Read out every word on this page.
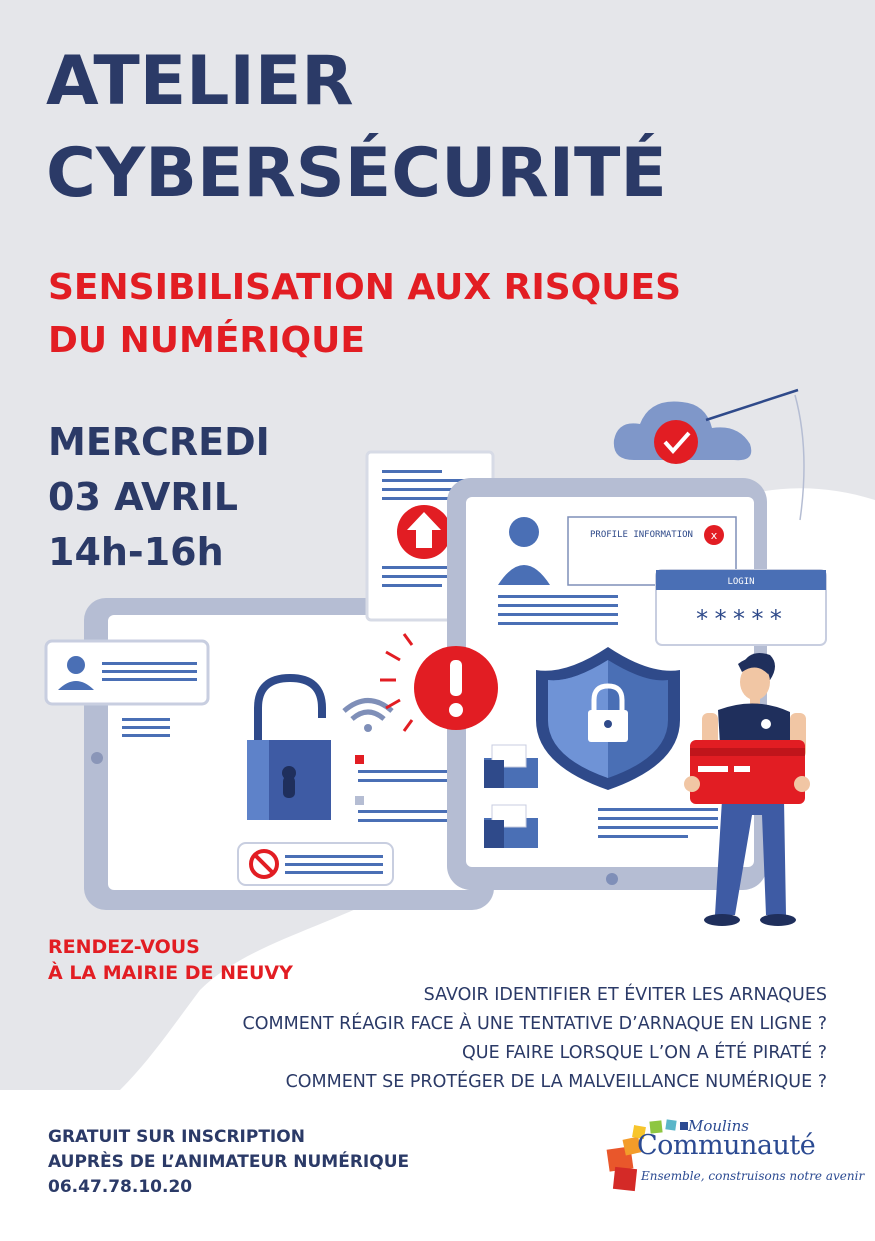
ATELIER
CYBERSÉCURITÉ
SENSIBILISATION AUX RISQUES
DU NUMÉRIQUE
MERCREDI
03 AVRIL
14h-16h	PROFILE INFORMATION x
LOGIN
*****
RENDEZ-VOUS
À LA MAIRIE DE NEUVY
SAVOIR IDENTIFIER ET ÉVITER LES ARNAQUES
COMMENT RÉAGIR FACE À UNE TENTATIVE D’ARNAQUE EN LIGNE ?
QUE FAIRE LORSQUE L’ON A ÉTÉ PIRATÉ ?
COMMENT SE PROTÉGER DE LA MALVEILLANCE NUMÉRIQUE ?
GRATUIT SUR INSCRIPTION
AUPRÈS DE L’ANIMATEUR NUMÉRIQUE
06.47.78.10.20
Moulins
Communauté
Ensemble, construisons notre avenir
